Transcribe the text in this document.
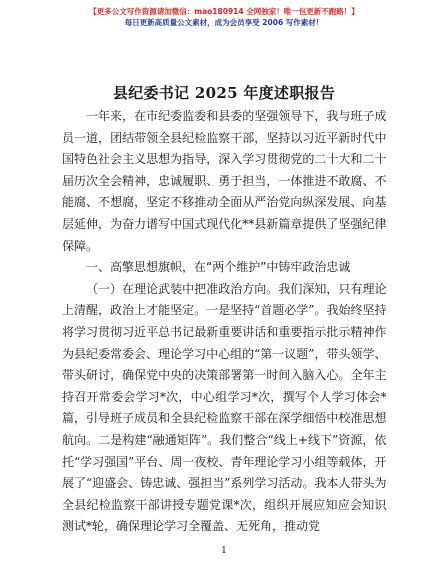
【更多公文写作资源请加微信：mao180914 全网独家！唯一包更新不跑路！】
每日更新高质量公文素材，成为会员享受 2006 写作素材！
县纪委书记 2025 年度述职报告

一年来，在市纪委监委和县委的坚强领导下，我与班子成员一道，团结带领全县纪检监察干部，坚持以习近平新时代中国特色社会主义思想为指导，深入学习贯彻党的二十大和二十届历次全会精神，忠诚履职、勇于担当，一体推进不敢腐、不能腐、不想腐，坚定不移推动全面从严治党向纵深发展、向基层延伸，为奋力谱写中国式现代化**县新篇章提供了坚强纪律保障。

一、高擎思想旗帜，在“两个维护”中铸牢政治忠诚

（一）在理论武装中把准政治方向。我们深知，只有理论上清醒，政治上才能坚定。一是坚持“首题必学”。我始终坚持将学习贯彻习近平总书记最新重要讲话和重要指示批示精神作为县纪委常委会、理论学习中心组的“第一议题”，带头领学、带头研讨，确保党中央的决策部署第一时间入脑入心。全年主持召开常委会学习*次，中心组学习*次，撰写个人学习体会*篇，引导班子成员和全县纪检监察干部在深学细悟中校准思想航向。二是构建“融通矩阵”。我们整合“线上+线下”资源，依托“学习强国”平台、周一夜校、青年理论学习小组等载体，开展了“迎盛会、铸忠诚、强担当”系列学习活动。我本人带头为全县纪检监察干部讲授专题党课*次，组织开展应知应会知识测试*轮，确保理论学习全覆盖、无死角，推动党

1
